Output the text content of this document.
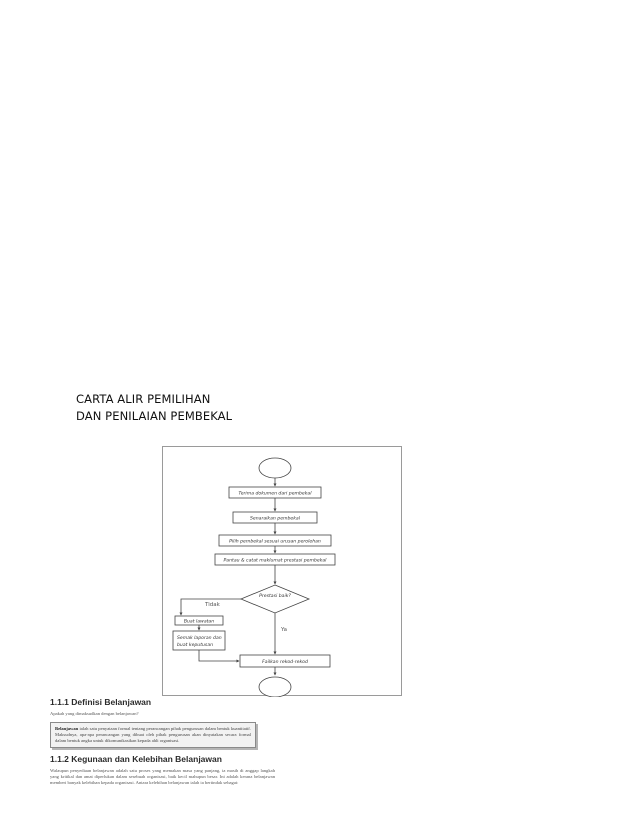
CARTA ALIR PEMILIHAN
DAN PENILAIAN PEMBEKAL
Terima dokumen dari pembekal
Senaraikan pembekal
Pilih pembekal sesuai urusan perolehan
Pantau & catat maklumat prestasi pembekal
Prestasi baik?
Tidak
Buat lawatan
Semak laporan dan buat keputusan
Ya
Failkan rekod-rekod

1.1.1 Definisi Belanjawan

Apakah yang dimaksudkan dengan belanjawan?

Belanjawan ialah satu penyataan formal tentang perancangan pihak pengurusan dalam bentuk kuantitatif. Maksudnya, apa-apa perancangan yang dibuat oleh pihak pengurusan akan dinyatakan secara formal dalam bentuk angka untuk dikomunikasikan kepada ahli organisasi.

1.1.2 Kegunaan dan Kelebihan Belanjawan

Walaupun penyediaan belanjawan adalah satu proses yang memakan masa yang panjang, ia masih di anggap langkah yang kritikal dan amat diperlukan dalam sesebuah organisasi, baik kecil mahupun besar. Ini adalah kerana belanjawan memberi banyak kelebihan kepada organisasi. Antara kelebihan belanjawan ialah ia bertindak sebagai:
